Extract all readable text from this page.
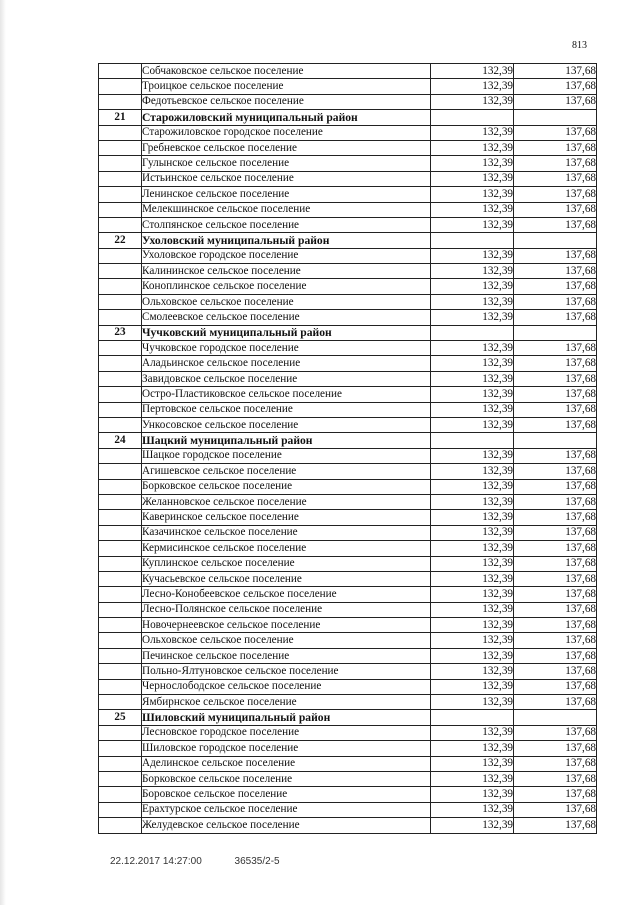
813
	Собчаковское сельское поселение	132,39	137,68
	Троицкое сельское поселение	132,39	137,68
	Федотьевское сельское поселение	132,39	137,68
21	Старожиловский муниципальный район		
	Старожиловское городское поселение	132,39	137,68
	Гребневское сельское поселение	132,39	137,68
	Гулынское сельское поселение	132,39	137,68
	Истьинское сельское поселение	132,39	137,68
	Ленинское сельское поселение	132,39	137,68
	Мелекшинское сельское поселение	132,39	137,68
	Столпянское сельское поселение	132,39	137,68
22	Ухоловский муниципальный район		
	Ухоловское городское поселение	132,39	137,68
	Калининское сельское поселение	132,39	137,68
	Коноплинское сельское поселение	132,39	137,68
	Ольховское сельское поселение	132,39	137,68
	Смолеевское сельское поселение	132,39	137,68
23	Чучковский муниципальный район		
	Чучковское городское поселение	132,39	137,68
	Аладьинское сельское поселение	132,39	137,68
	Завидовское сельское поселение	132,39	137,68
	Остро-Пластиковское сельское поселение	132,39	137,68
	Пертовское сельское поселение	132,39	137,68
	Ункосовское сельское поселение	132,39	137,68
24	Шацкий муниципальный район		
	Шацкое городское поселение	132,39	137,68
	Агишевское сельское поселение	132,39	137,68
	Борковское сельское поселение	132,39	137,68
	Желанновское сельское поселение	132,39	137,68
	Каверинское сельское поселение	132,39	137,68
	Казачинское сельское поселение	132,39	137,68
	Кермисинское сельское поселение	132,39	137,68
	Куплинское сельское поселение	132,39	137,68
	Кучасьевское сельское поселение	132,39	137,68
	Лесно-Конобеевское сельское поселение	132,39	137,68
	Лесно-Полянское сельское поселение	132,39	137,68
	Новочернеевское сельское поселение	132,39	137,68
	Ольховское сельское поселение	132,39	137,68
	Печинское сельское поселение	132,39	137,68
	Польно-Ялтуновское сельское поселение	132,39	137,68
	Чернослободское сельское поселение	132,39	137,68
	Ямбирнское сельское поселение	132,39	137,68
25	Шиловский муниципальный район		
	Лесновское городское поселение	132,39	137,68
	Шиловское городское поселение	132,39	137,68
	Аделинское сельское поселение	132,39	137,68
	Борковское сельское поселение	132,39	137,68
	Боровское сельское поселение	132,39	137,68
	Ерахтурское сельское поселение	132,39	137,68
	Желудевское сельское поселение	132,39	137,68
22.12.2017 14:27:00	36535/2-5
